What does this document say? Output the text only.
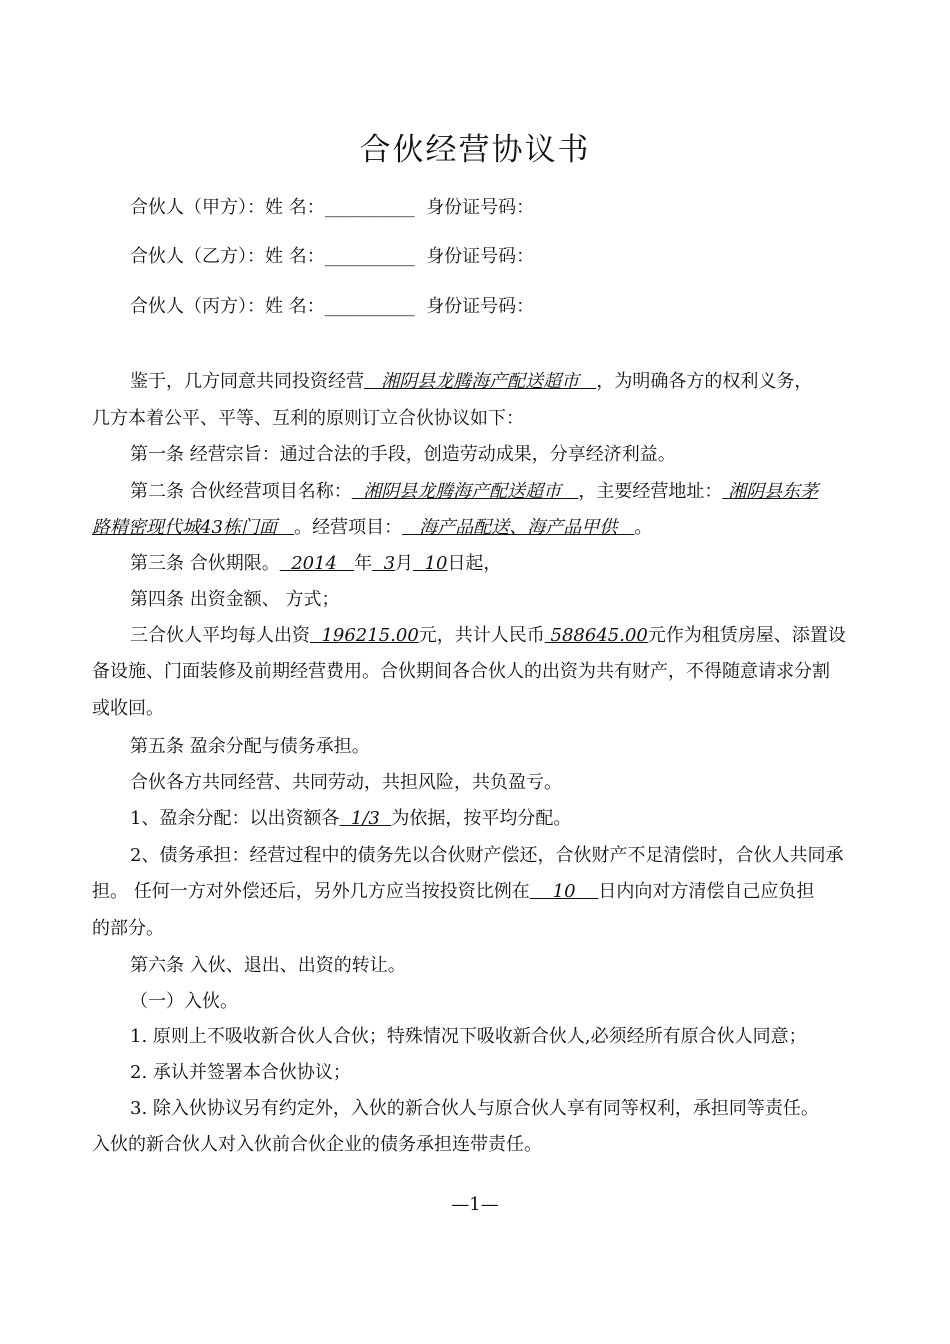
合伙经营协议书
合伙人（甲方）：姓 名：__________ 身份证号码：
合伙人（乙方）：姓 名：__________ 身份证号码：
合伙人（丙方）：姓 名：__________ 身份证号码：
鉴于，几方同意共同投资经营 湘阴县龙腾海产配送超市 ，为明确各方的权利义务，
几方本着公平、平等、互利的原则订立合伙协议如下：
第一条 经营宗旨：通过合法的手段，创造劳动成果，分享经济利益。
第二条 合伙经营项目名称： 湘阴县龙腾海产配送超市 ，主要经营地址： 湘阴县东茅
路精密现代城43栋门面 。经营项目： 海产品配送、海产品甲供 。
第三条 合伙期限。 2014 年 3月 10日起，
第四条 出资金额、 方式；
三合伙人平均每人出资 196215.00元，共计人民币 588645.00元作为租赁房屋、添置设
备设施、门面装修及前期经营费用。合伙期间各合伙人的出资为共有财产，不得随意请求分割
或收回。
第五条 盈余分配与债务承担。
合伙各方共同经营、共同劳动，共担风险，共负盈亏。
1、盈余分配：以出资额各 1/3 为依据，按平均分配。
2、债务承担：经营过程中的债务先以合伙财产偿还，合伙财产不足清偿时，合伙人共同承
担。 任何一方对外偿还后，另外几方应当按投资比例在 10 日内向对方清偿自己应负担
的部分。
第六条 入伙、退出、出资的转让。
（一）入伙。
1. 原则上不吸收新合伙人合伙；特殊情况下吸收新合伙人,必须经所有原合伙人同意；
2. 承认并签署本合伙协议；
3. 除入伙协议另有约定外，入伙的新合伙人与原合伙人享有同等权利，承担同等责任。
入伙的新合伙人对入伙前合伙企业的债务承担连带责任。
—1—
